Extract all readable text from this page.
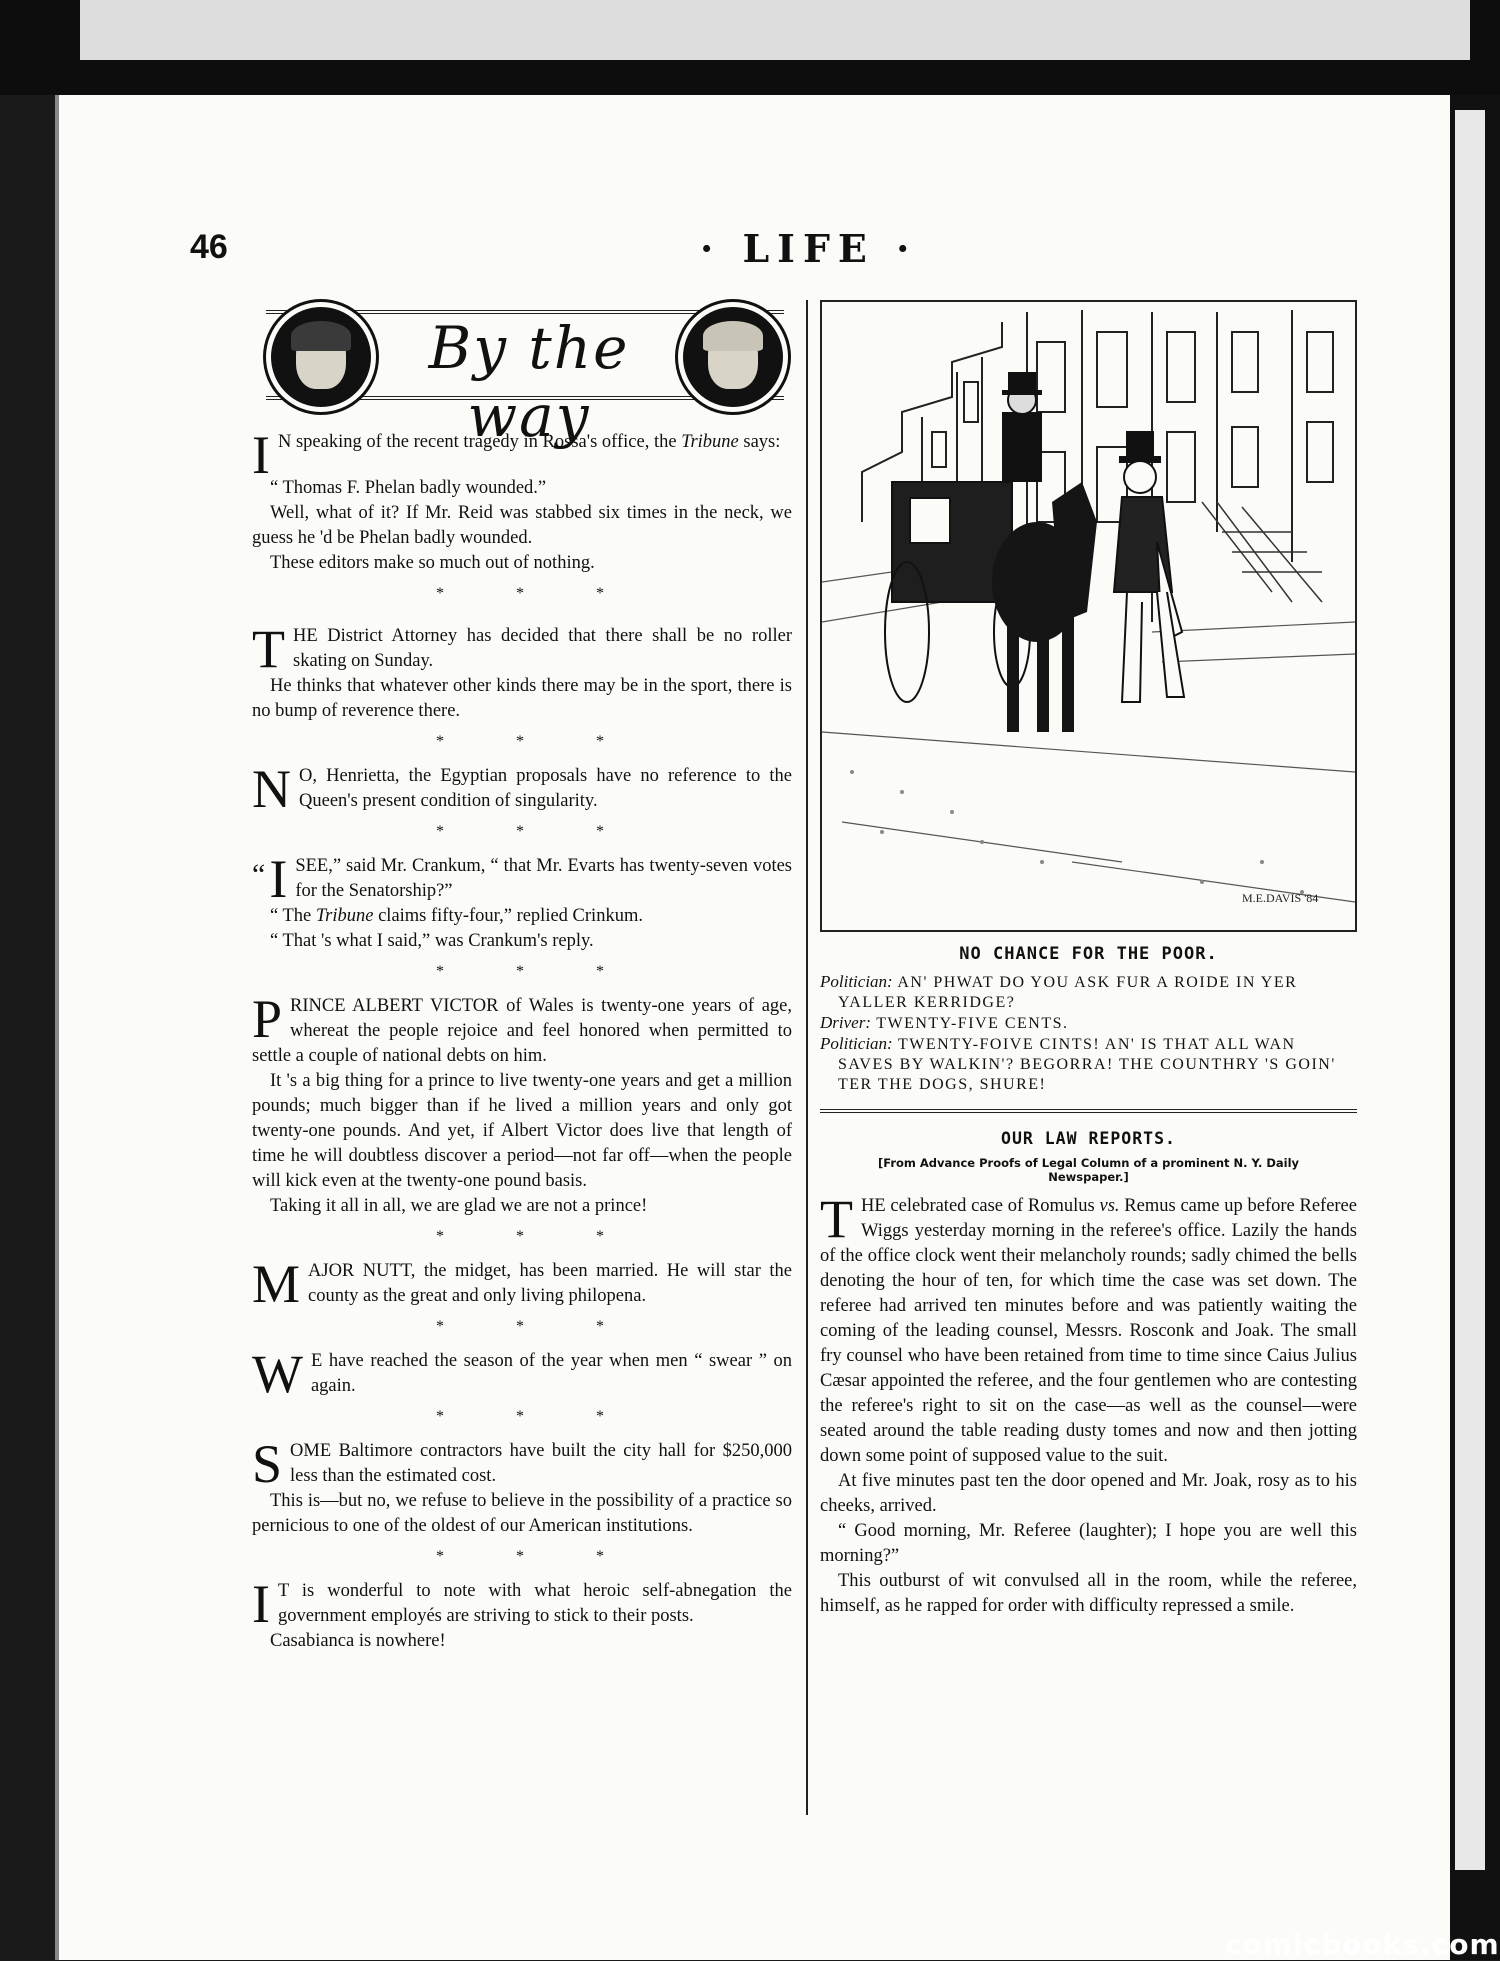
46	· LIFE ·
By the way

I N speaking of the recent tragedy in Rossa's office, the Tribune says:

“ Thomas F. Phelan badly wounded.”

Well, what of it? If Mr. Reid was stabbed six times in the neck, we guess he 'd be Phelan badly wounded.

These editors make so much out of nothing.

* * *

THE District Attorney has decided that there shall be no roller skating on Sunday.

He thinks that whatever other kinds there may be in the sport, there is no bump of reverence there.

* * *

N O, Henrietta, the Egyptian proposals have no reference to the Queen's present condition of singularity.

* * *

“ I SEE,” said Mr. Crankum, “ that Mr. Evarts has twenty-seven votes for the Senatorship?”

“ The Tribune claims fifty-four,” replied Crinkum.

“ That 's what I said,” was Crankum's reply.

* * *

PRINCE ALBERT VICTOR of Wales is twenty-one years of age, whereat the people rejoice and feel honored when permitted to settle a couple of national debts on him.

It 's a big thing for a prince to live twenty-one years and get a million pounds; much bigger than if he lived a million years and only got twenty-one pounds. And yet, if Albert Victor does live that length of time he will doubtless discover a period—not far off—when the people will kick even at the twenty-one pound basis.

Taking it all in all, we are glad we are not a prince!

* * *

MAJOR NUTT, the midget, has been married. He will star the county as the great and only living philopena.

* * *

W E have reached the season of the year when men “ swear ” on again.

* * *

SOME Baltimore contractors have built the city hall for $250,000 less than the estimated cost.

This is—but no, we refuse to believe in the possibility of a practice so pernicious to one of the oldest of our American institutions.

* * *

I T is wonderful to note with what heroic self-abnegation the government employés are striving to stick to their posts.

Casabianca is nowhere!

M.E.DAVIS '84
NO CHANCE FOR THE POOR.
Politician: AN' PHWAT DO YOU ASK FUR A ROIDE IN YER YALLER KERRIDGE?
Driver: TWENTY-FIVE CENTS.
Politician: TWENTY-FOIVE CINTS! AN' IS THAT ALL WAN SAVES BY WALKIN'? BEGORRA! THE COUNTHRY 'S GOIN' TER THE DOGS, SHURE!
OUR LAW REPORTS.
[From Advance Proofs of Legal Column of a prominent N. Y. Daily Newspaper.]

THE celebrated case of Romulus vs. Remus came up before Referee Wiggs yesterday morning in the referee's office. Lazily the hands of the office clock went their melancholy rounds; sadly chimed the bells denoting the hour of ten, for which time the case was set down. The referee had arrived ten minutes before and was patiently waiting the coming of the leading counsel, Messrs. Rosconk and Joak. The small fry counsel who have been retained from time to time since Caius Julius Cæsar appointed the referee, and the four gentlemen who are contesting the referee's right to sit on the case—as well as the counsel—were seated around the table reading dusty tomes and now and then jotting down some point of supposed value to the suit.

At five minutes past ten the door opened and Mr. Joak, rosy as to his cheeks, arrived.

“ Good morning, Mr. Referee (laughter); I hope you are well this morning?”

This outburst of wit convulsed all in the room, while the referee, himself, as he rapped for order with difficulty repressed a smile.

comicbooks.com
